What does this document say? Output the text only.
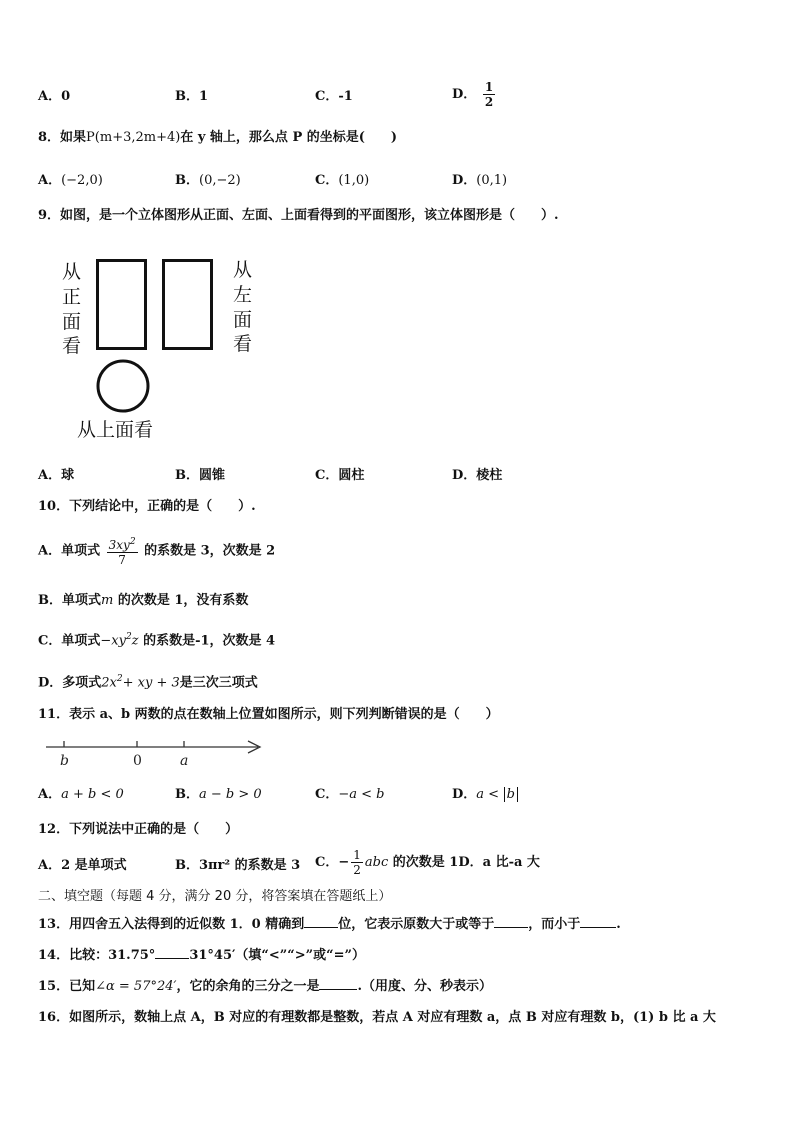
A．0	B．1	C．-1	D． $\frac{1}{2}$
8．如果P(m+3,2m+4)在 y 轴上，那么点 P 的坐标是(　　)
A．(−2,0)	B．(0,−2)	C．(1,0)	D．(0,1)
9．如图，是一个立体图形从正面、左面、上面看得到的平面图形，该立体图形是（　　）.
从
正
面
看
从
左
面
看
从上面看
A．球	B．圆锥	C．圆柱	D．棱柱
10．下列结论中，正确的是（　　）.
A．单项式 $\frac{3xy^2}{7}$ 的系数是 3，次数是 2
B．单项式m 的次数是 1，没有系数
C．单项式$-xy^2z$ 的系数是-1，次数是 4
D．多项式$2x^2+$ xy + 3是三次三项式
11．表示 a、b 两数的点在数轴上位置如图所示，则下列判断错误的是（　　）
b	0	a
A．a + b < 0	B．a − b > 0	C．−a < b	D．a < b
12．下列说法中正确的是（　　）
A．2 是单项式	B．3πr² 的系数是 3 C．− $\frac{1}{2}$ abc 的次数是 1D．a 比-a 大
二、填空题（每题 4 分，满分 20 分，将答案填在答题纸上）
13．用四舍五入法得到的近似数 1．0 精确到	位，它表示原数大于或等于	，而小于	.
14．比较：31.75°	31°45′（填“<”“>”或“=”）
15．已知∠α = 57°24′，它的余角的三分之一是	.（用度、分、秒表示）
16．如图所示，数轴上点 A，B 对应的有理数都是整数，若点 A 对应有理数 a，点 B 对应有理数 b，(1) b 比 a 大
